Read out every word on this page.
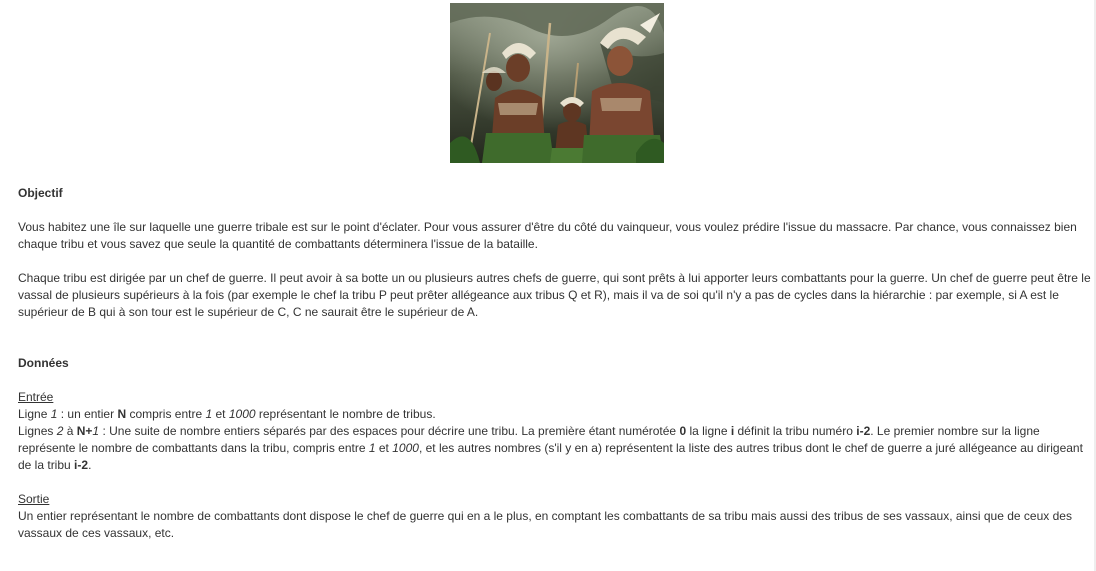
Objectif

Vous habitez une île sur laquelle une guerre tribale est sur le point d'éclater. Pour vous assurer d'être du côté du vainqueur, vous voulez prédire l'issue du massacre. Par chance, vous connaissez bien chaque tribu et vous savez que seule la quantité de combattants déterminera l'issue de la bataille.

Chaque tribu est dirigée par un chef de guerre. Il peut avoir à sa botte un ou plusieurs autres chefs de guerre, qui sont prêts à lui apporter leurs combattants pour la guerre. Un chef de guerre peut être le vassal de plusieurs supérieurs à la fois (par exemple le chef la tribu P peut prêter allégeance aux tribus Q et R), mais il va de soi qu'il n'y a pas de cycles dans la hiérarchie : par exemple, si A est le supérieur de B qui à son tour est le supérieur de C, C ne saurait être le supérieur de A.

Données

Entrée

Ligne 1 : un entier N compris entre 1 et 1000 représentant le nombre de tribus.

Lignes 2 à N+1 : Une suite de nombre entiers séparés par des espaces pour décrire une tribu. La première étant numérotée 0 la ligne i définit la tribu numéro i-2. Le premier nombre sur la ligne représente le nombre de combattants dans la tribu, compris entre 1 et 1000, et les autres nombres (s'il y en a) représentent la liste des autres tribus dont le chef de guerre a juré allégeance au dirigeant de la tribu i-2.

Sortie

Un entier représentant le nombre de combattants dont dispose le chef de guerre qui en a le plus, en comptant les combattants de sa tribu mais aussi des tribus de ses vassaux, ainsi que de ceux des vassaux de ces vassaux, etc.
